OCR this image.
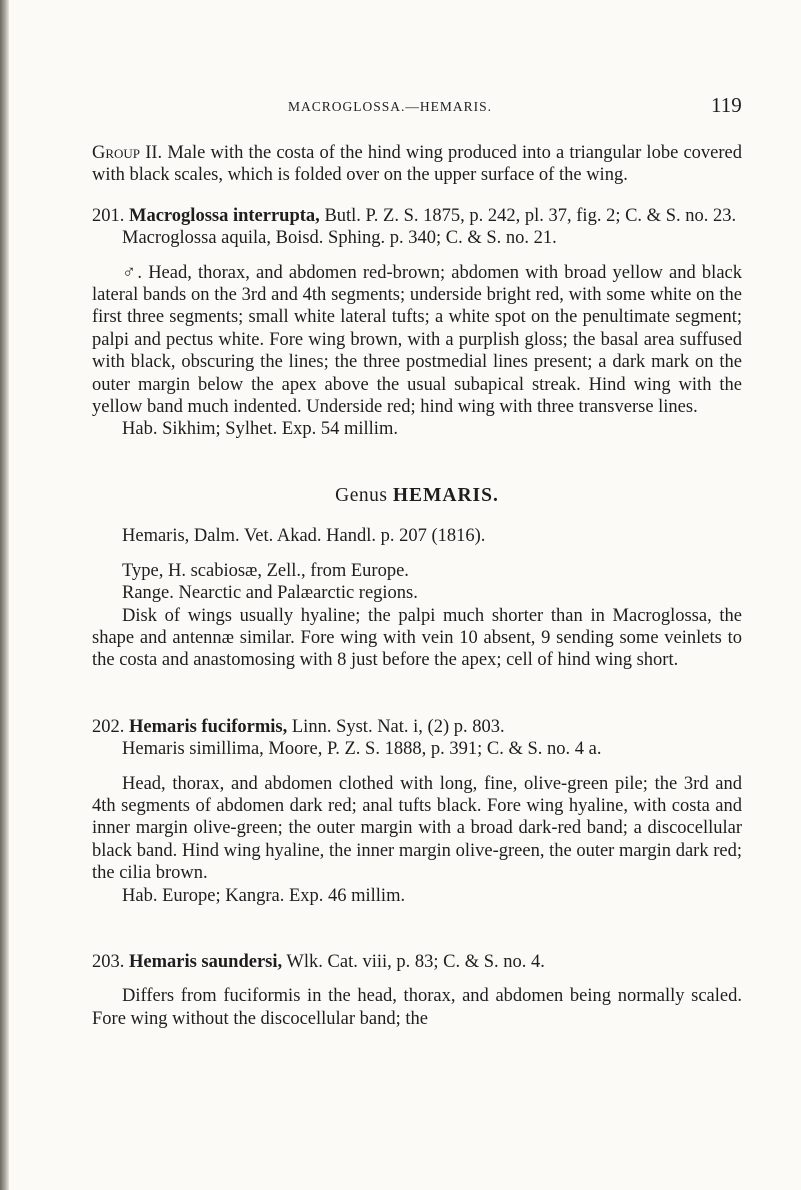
MACROGLOSSA.—HEMARIS.	119

Group II. Male with the costa of the hind wing produced into a triangular lobe covered with black scales, which is folded over on the upper surface of the wing.

201. Macroglossa interrupta, Butl. P. Z. S. 1875, p. 242, pl. 37, fig. 2; C. & S. no. 23.

Macroglossa aquila, Boisd. Sphing. p. 340; C. & S. no. 21.

♂. Head, thorax, and abdomen red-brown; abdomen with broad yellow and black lateral bands on the 3rd and 4th segments; underside bright red, with some white on the first three segments; small white lateral tufts; a white spot on the penultimate segment; palpi and pectus white. Fore wing brown, with a purplish gloss; the basal area suffused with black, obscuring the lines; the three postmedial lines present; a dark mark on the outer margin below the apex above the usual subapical streak. Hind wing with the yellow band much indented. Underside red; hind wing with three transverse lines.

Hab. Sikhim; Sylhet. Exp. 54 millim.

Genus HEMARIS.

Hemaris, Dalm. Vet. Akad. Handl. p. 207 (1816).

Type, H. scabiosæ, Zell., from Europe.

Range. Nearctic and Palæarctic regions.

Disk of wings usually hyaline; the palpi much shorter than in Macroglossa, the shape and antennæ similar. Fore wing with vein 10 absent, 9 sending some veinlets to the costa and anastomosing with 8 just before the apex; cell of hind wing short.

202. Hemaris fuciformis, Linn. Syst. Nat. i, (2) p. 803.

Hemaris simillima, Moore, P. Z. S. 1888, p. 391; C. & S. no. 4 a.

Head, thorax, and abdomen clothed with long, fine, olive-green pile; the 3rd and 4th segments of abdomen dark red; anal tufts black. Fore wing hyaline, with costa and inner margin olive-green; the outer margin with a broad dark-red band; a discocellular black band. Hind wing hyaline, the inner margin olive-green, the outer margin dark red; the cilia brown.

Hab. Europe; Kangra. Exp. 46 millim.

203. Hemaris saundersi, Wlk. Cat. viii, p. 83; C. & S. no. 4.

Differs from fuciformis in the head, thorax, and abdomen being normally scaled. Fore wing without the discocellular band; the
